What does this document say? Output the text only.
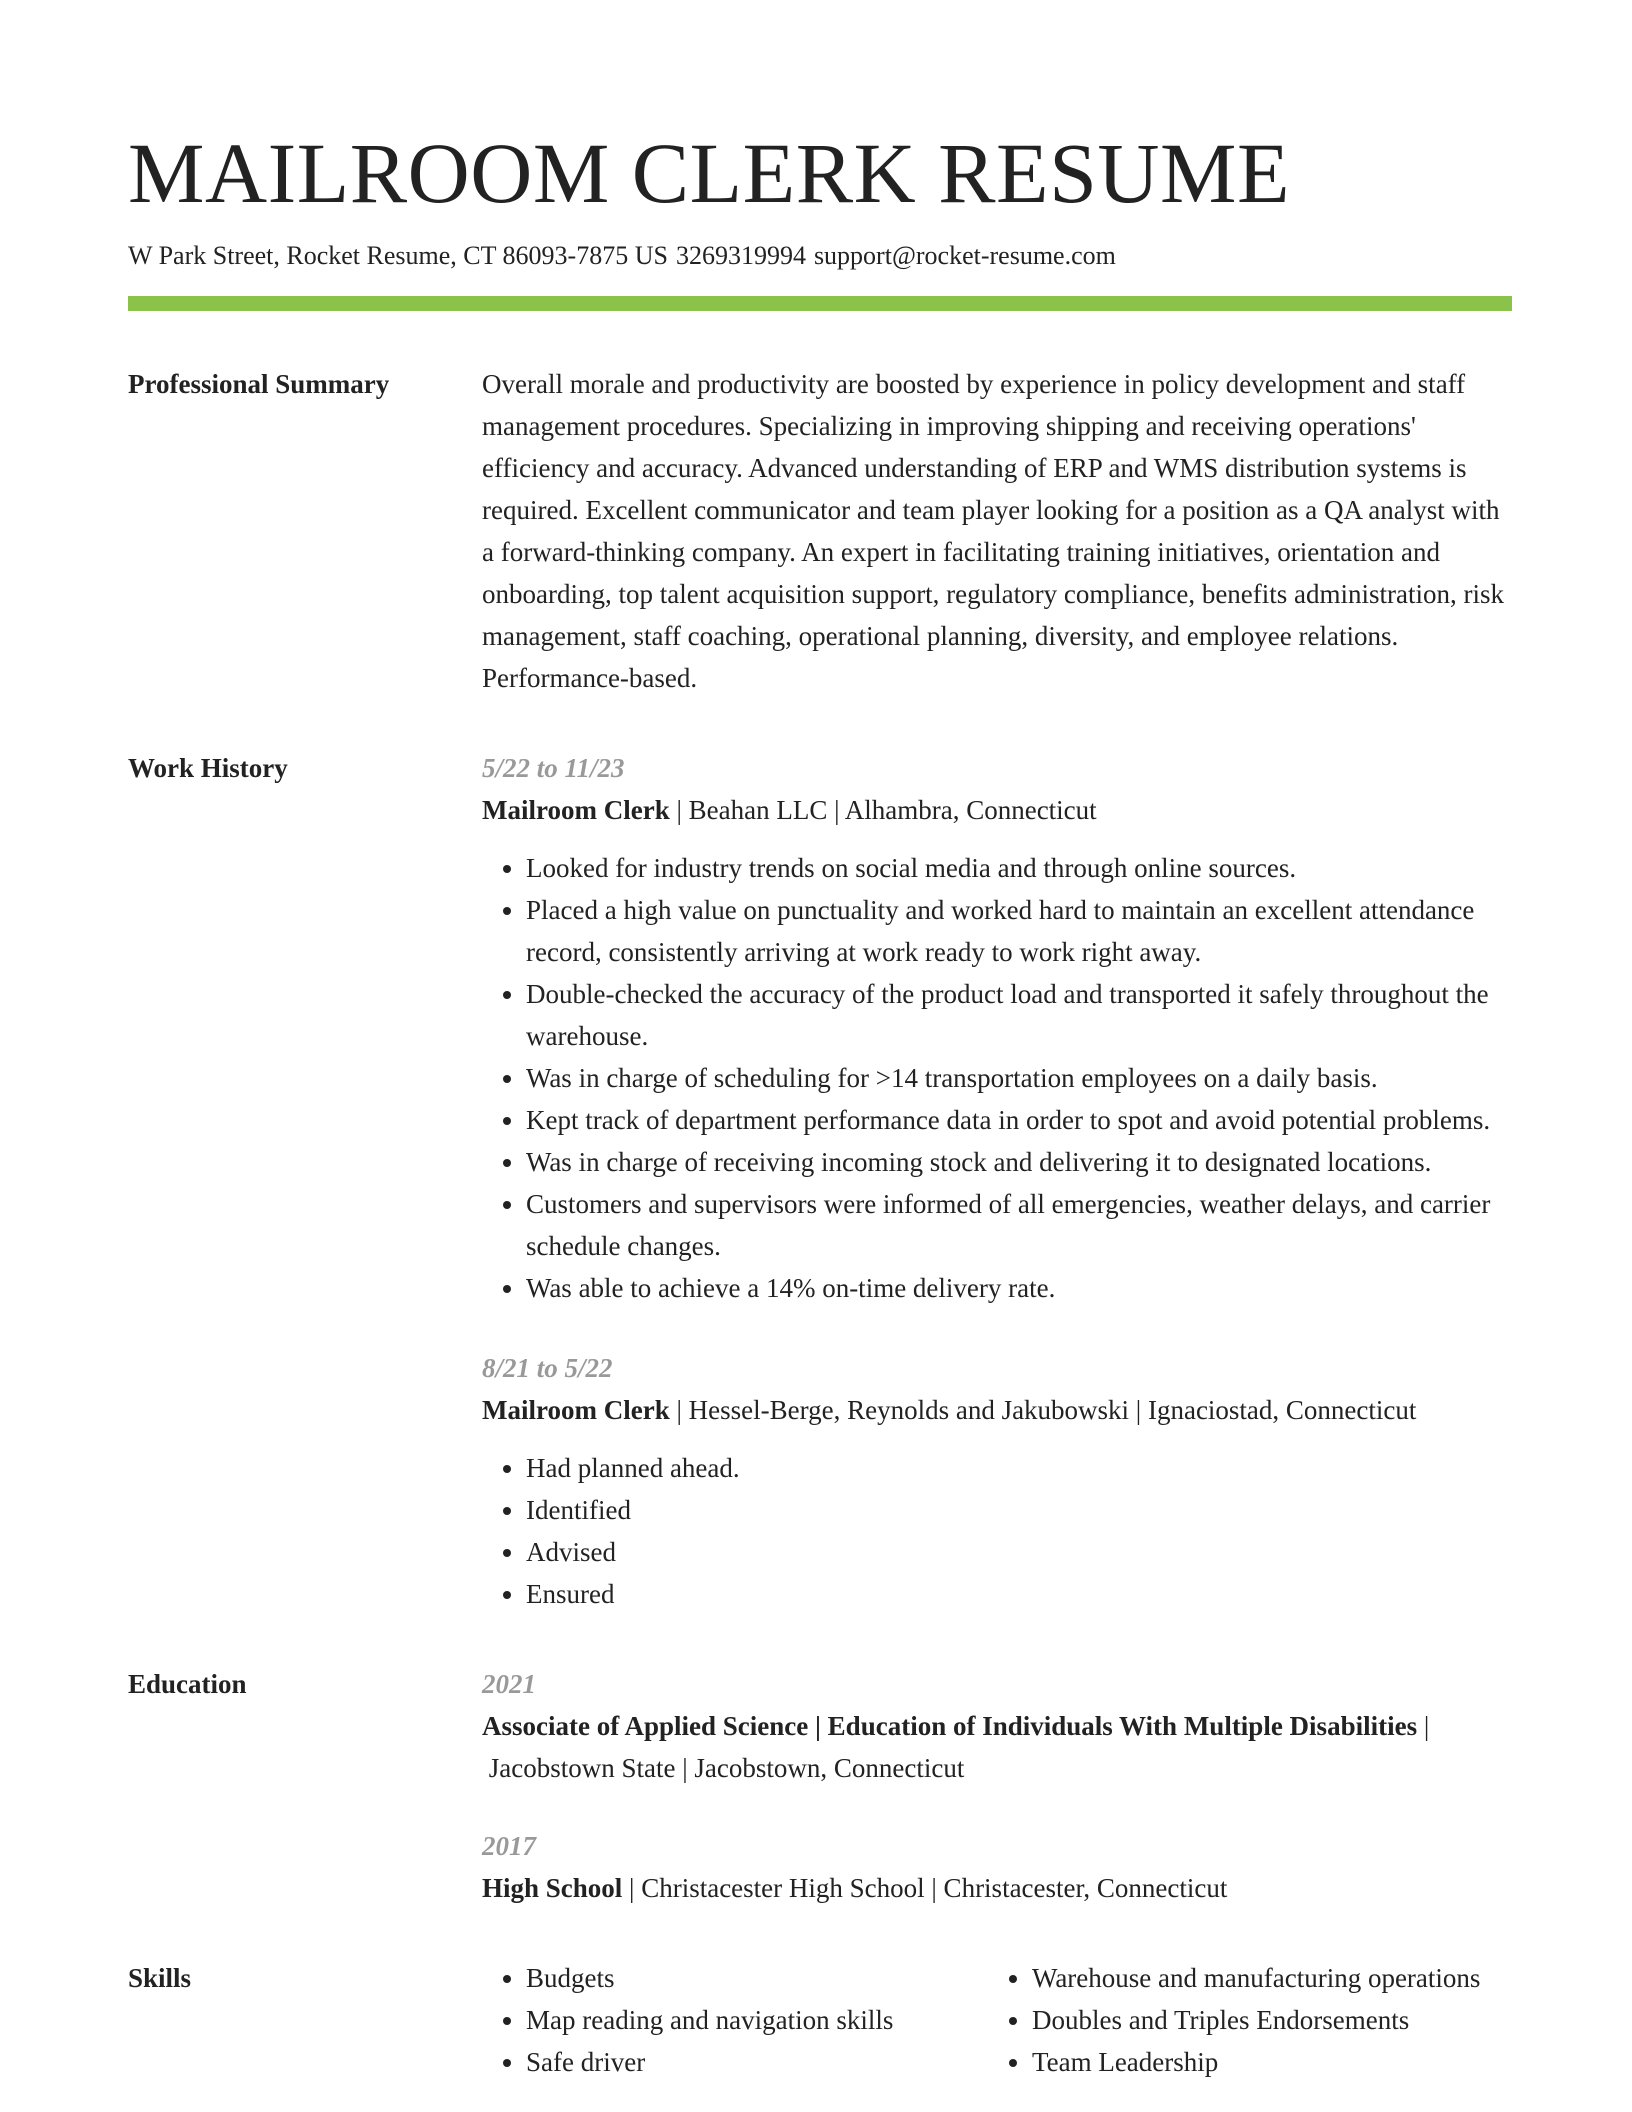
MAILROOM CLERK RESUME
W Park Street, Rocket Resume, CT 86093-7875 US 3269319994 support@rocket-resume.com
Professional Summary	Overall morale and productivity are boosted by experience in policy development and staff management procedures. Specializing in improving shipping and receiving operations' efficiency and accuracy. Advanced understanding of ERP and WMS distribution systems is required. Excellent communicator and team player looking for a position as a QA analyst with a forward-thinking company. An expert in facilitating training initiatives, orientation and onboarding, top talent acquisition support, regulatory compliance, benefits administration, risk management, staff coaching, operational planning, diversity, and employee relations. Performance-based.

Work History	5/22 to 11/23
Mailroom Clerk | Beahan LLC | Alhambra, Connecticut
• Looked for industry trends on social media and through online sources.
• Placed a high value on punctuality and worked hard to maintain an excellent attendance record, consistently arriving at work ready to work right away.
• Double-checked the accuracy of the product load and transported it safely throughout the warehouse.
• Was in charge of scheduling for >14 transportation employees on a daily basis.
• Kept track of department performance data in order to spot and avoid potential problems.
• Was in charge of receiving incoming stock and delivering it to designated locations.
• Customers and supervisors were informed of all emergencies, weather delays, and carrier schedule changes.
• Was able to achieve a 14% on-time delivery rate.
8/21 to 5/22
Mailroom Clerk | Hessel-Berge, Reynolds and Jakubowski | Ignaciostad, Connecticut
• Had planned ahead.
• Identified
• Advised
• Ensured
Education	2021
Associate of Applied Science | Education of Individuals With Multiple Disabilities |  Jacobstown State | Jacobstown, Connecticut
2017
High School | Christacester High School | Christacester, Connecticut
Skills
•	Budgets
• Map reading and navigation skills
• Safe driver
• Warehouse and manufacturing operations
• Doubles and Triples Endorsements
• Team Leadership
